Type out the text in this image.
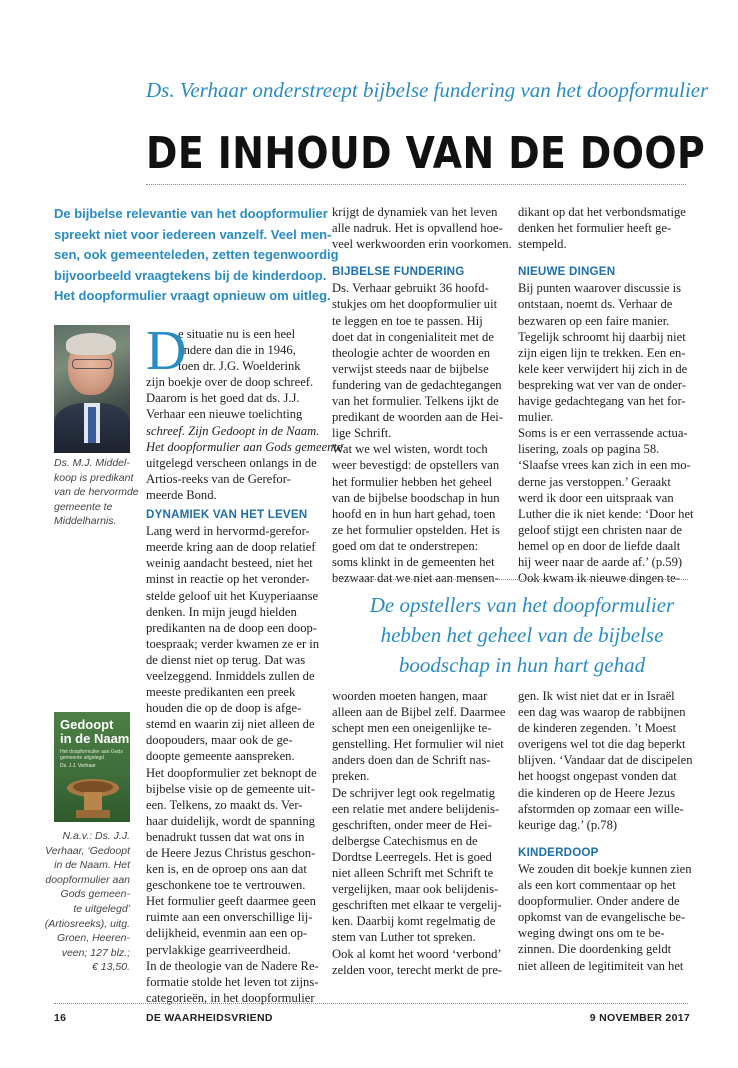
Ds. Verhaar onderstreept bijbelse fundering van het doopformulier
DE INHOUD VAN DE DOOP

De bijbelse relevantie van het doopformulier

spreekt niet voor iedereen vanzelf. Veel men-

sen, ook gemeenteleden, zetten tegenwoordig

bijvoorbeeld vraagtekens bij de kinderdoop.

Het doopformulier vraagt opnieuw om uitleg.

Ds. M.J. Middel-

koop is predikant

van de hervormde

gemeente te

Middelharnis.

Gedoopt
in de Naam
Het doopformulier aan Gods
gemeente uitgelegd
Ds. J.J. Verhaar

N.a.v.: Ds. J.J.

Verhaar, ‘Gedoopt

in de Naam. Het

doopformulier aan

Gods gemeen-

te uitgelegd’

(Artiosreeks), uitg.

Groen, Heeren-

veen; 127 blz.;

€ 13,50.

D

e situatie nu is een heel

andere dan die in 1946,

toen dr. J.G. Woelderink

zijn boekje over de doop schreef.

Daarom is het goed dat ds. J.J.

Verhaar een nieuwe toelichting

schreef. Zijn Gedoopt in de Naam.

Het doopformulier aan Gods gemeente

uitgelegd verscheen onlangs in de

Artios-reeks van de Gerefor-

meerde Bond.

DYNAMIEK VAN HET LEVEN

Lang werd in hervormd-gerefor-

meerde kring aan de doop relatief

weinig aandacht besteed, niet het

minst in reactie op het veronder-

stelde geloof uit het Kuyperiaanse

denken. In mijn jeugd hielden

predikanten na de doop een doop-

toespraak; verder kwamen ze er in

de dienst niet op terug. Dat was

veelzeggend. Inmiddels zullen de

meeste predikanten een preek

houden die op de doop is afge-

stemd en waarin zij niet alleen de

doopouders, maar ook de ge-

doopte gemeente aanspreken.

Het doopformulier zet beknopt de

bijbelse visie op de gemeente uit-

een. Telkens, zo maakt ds. Ver-

haar duidelijk, wordt de spanning

benadrukt tussen dat wat ons in

de Heere Jezus Christus geschon-

ken is, en de oproep ons aan dat

geschonkene toe te vertrouwen.

Het formulier geeft daarmee geen

ruimte aan een onverschillige lij-

delijkheid, evenmin aan een op-

pervlakkige gearriveerdheid.

In de theologie van de Nadere Re-

formatie stolde het leven tot zijns-

categorieën, in het doopformulier

krijgt de dynamiek van het leven

alle nadruk. Het is opvallend hoe-

veel werkwoorden erin voorkomen.

BIJBELSE FUNDERING

Ds. Verhaar gebruikt 36 hoofd-

stukjes om het doopformulier uit

te leggen en toe te passen. Hij

doet dat in congenialiteit met de

theologie achter de woorden en

verwijst steeds naar de bijbelse

fundering van de gedachtegangen

van het formulier. Telkens ijkt de

predikant de woorden aan de Hei-

lige Schrift.

Wat we wel wisten, wordt toch

weer bevestigd: de opstellers van

het formulier hebben het geheel

van de bijbelse boodschap in hun

hoofd en in hun hart gehad, toen

ze het formulier opstelden. Het is

goed om dat te onderstrepen:

soms klinkt in de gemeenten het

bezwaar dat we niet aan mensen-

dikant op dat het verbondsmatige

denken het formulier heeft ge-

stempeld.

NIEUWE DINGEN

Bij punten waarover discussie is

ontstaan, noemt ds. Verhaar de

bezwaren op een faire manier.

Tegelijk schroomt hij daarbij niet

zijn eigen lijn te trekken. Een en-

kele keer verwijdert hij zich in de

bespreking wat ver van de onder-

havige gedachtegang van het for-

mulier.

Soms is er een verrassende actua-

lisering, zoals op pagina 58.

‘Slaafse vrees kan zich in een mo-

derne jas verstoppen.’ Geraakt

werd ik door een uitspraak van

Luther die ik niet kende: ‘Door het

geloof stijgt een christen naar de

hemel op en door de liefde daalt

hij weer naar de aarde af.’ (p.59)

Ook kwam ik nieuwe dingen te-

De opstellers van het doopformulier

hebben het geheel van de bijbelse

boodschap in hun hart gehad

woorden moeten hangen, maar

alleen aan de Bijbel zelf. Daarmee

schept men een oneigenlijke te-

genstelling. Het formulier wil niet

anders doen dan de Schrift nas-

preken.

De schrijver legt ook regelmatig

een relatie met andere belijdenis-

geschriften, onder meer de Hei-

delbergse Catechismus en de

Dordtse Leerregels. Het is goed

niet alleen Schrift met Schrift te

vergelijken, maar ook belijdenis-

geschriften met elkaar te vergelij-

ken. Daarbij komt regelmatig de

stem van Luther tot spreken.

Ook al komt het woord ‘verbond’

zelden voor, terecht merkt de pre-

gen. Ik wist niet dat er in Israël

een dag was waarop de rabbijnen

de kinderen zegenden. ’t Moest

overigens wel tot die dag beperkt

blijven. ‘Vandaar dat de discipelen

het hoogst ongepast vonden dat

die kinderen op de Heere Jezus

afstormden op zomaar een wille-

keurige dag.’ (p.78)

KINDERDOOP

We zouden dit boekje kunnen zien

als een kort commentaar op het

doopformulier. Onder andere de

opkomst van de evangelische be-

weging dwingt ons om te be-

zinnen. Die doordenking geldt

niet alleen de legitimiteit van het

16	DE WAARHEIDSVRIEND	9 NOVEMBER 2017
